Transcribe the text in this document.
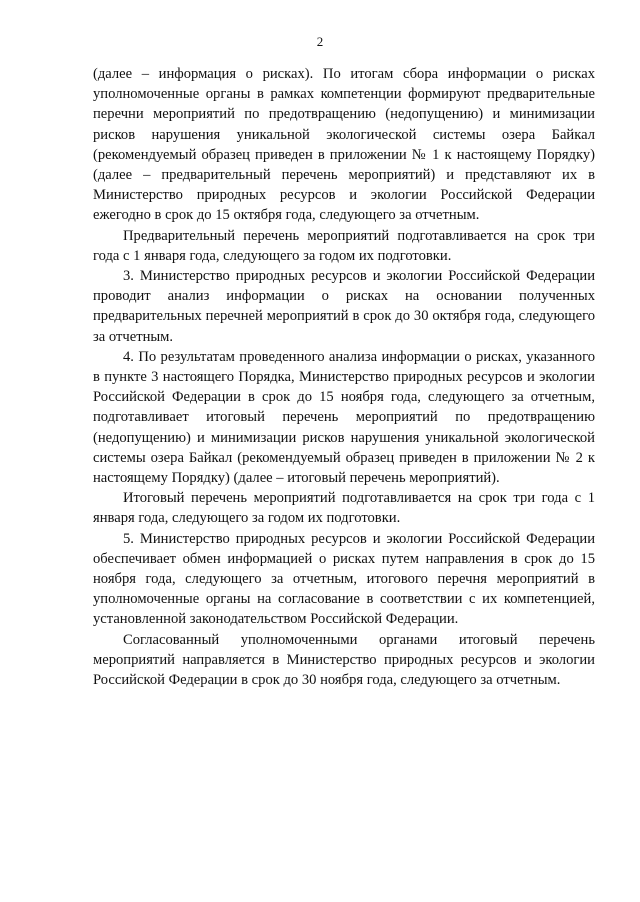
2

(далее – информация о рисках). По итогам сбора информации о рисках уполномоченные органы в рамках компетенции формируют предварительные перечни мероприятий по предотвращению (недопущению) и минимизации рисков нарушения уникальной экологической системы озера Байкал (рекомендуемый образец приведен в приложении № 1 к настоящему Порядку) (далее – предварительный перечень мероприятий) и представляют их в Министерство природных ресурсов и экологии Российской Федерации ежегодно в срок до 15 октября года, следующего за отчетным.

Предварительный перечень мероприятий подготавливается на срок три года с 1 января года, следующего за годом их подготовки.

3. Министерство природных ресурсов и экологии Российской Федерации проводит анализ информации о рисках на основании полученных предварительных перечней мероприятий в срок до 30 октября года, следующего за отчетным.

4. По результатам проведенного анализа информации о рисках, указанного в пункте 3 настоящего Порядка, Министерство природных ресурсов и экологии Российской Федерации в срок до 15 ноября года, следующего за отчетным, подготавливает итоговый перечень мероприятий по предотвращению (недопущению) и минимизации рисков нарушения уникальной экологической системы озера Байкал (рекомендуемый образец приведен в приложении № 2 к настоящему Порядку) (далее – итоговый перечень мероприятий).

Итоговый перечень мероприятий подготавливается на срок три года с 1 января года, следующего за годом их подготовки.

5. Министерство природных ресурсов и экологии Российской Федерации обеспечивает обмен информацией о рисках путем направления в срок до 15 ноября года, следующего за отчетным, итогового перечня мероприятий в уполномоченные органы на согласование в соответствии с их компетенцией, установленной законодательством Российской Федерации.

Согласованный уполномоченными органами итоговый перечень мероприятий направляется в Министерство природных ресурсов и экологии Российской Федерации в срок до 30 ноября года, следующего за отчетным.
